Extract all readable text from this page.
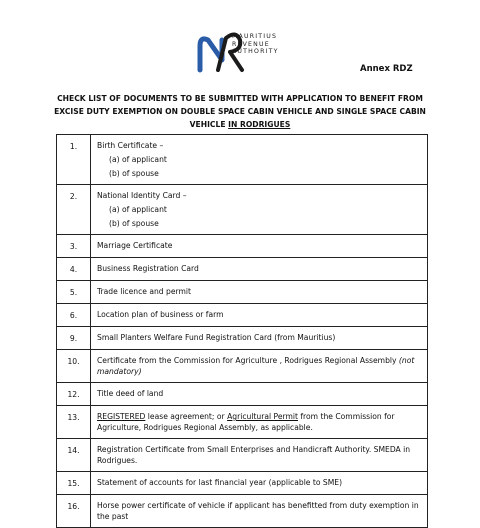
MAURITIUS
REVENUE
AUTHORITY
Annex RDZ
CHECK LIST OF DOCUMENTS TO BE SUBMITTED WITH APPLICATION TO BENEFIT FROM
EXCISE DUTY EXEMPTION ON DOUBLE SPACE CABIN VEHICLE AND SINGLE SPACE CABIN
VEHICLE IN RODRIGUES
1.	Birth Certificate –
(a) of applicant
(b) of spouse

2.	National Identity Card –
(a) of applicant
(b) of spouse

3.	Marriage Certificate
4.	Business Registration Card
5.	Trade licence and permit
6.	Location plan of business or farm
9.	Small Planters Welfare Fund Registration Card (from Mauritius)
10.	Certificate from the Commission for Agriculture , Rodrigues Regional Assembly (not mandatory)
12.	Title deed of land
13.	REGISTERED lease agreement; or Agricultural Permit from the Commission for Agriculture, Rodrigues Regional Assembly, as applicable.
14.	Registration Certificate from Small Enterprises and Handicraft Authority. SMEDA in Rodrigues.
15.	Statement of accounts for last financial year (applicable to SME)
16.	Horse power certificate of vehicle if applicant has benefitted from duty exemption in the past
